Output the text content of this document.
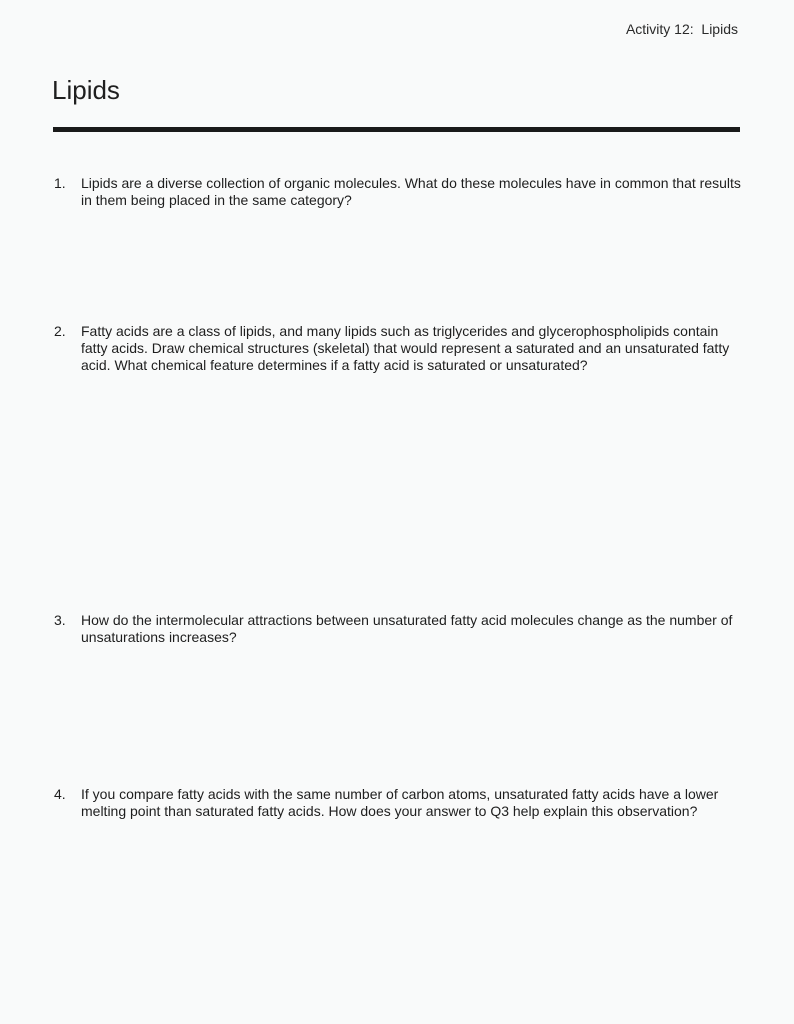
Activity 12:  Lipids
Lipids
1.	Lipids are a diverse collection of organic molecules. What do these molecules have in common that results in them being placed in the same category?
2.	Fatty acids are a class of lipids, and many lipids such as triglycerides and glycerophospholipids contain fatty acids. Draw chemical structures (skeletal) that would represent a saturated and an unsaturated fatty acid. What chemical feature determines if a fatty acid is saturated or unsaturated?
3.	How do the intermolecular attractions between unsaturated fatty acid molecules change as the number of unsaturations increases?
4.	If you compare fatty acids with the same number of carbon atoms, unsaturated fatty acids have a lower melting point than saturated fatty acids. How does your answer to Q3 help explain this observation?
